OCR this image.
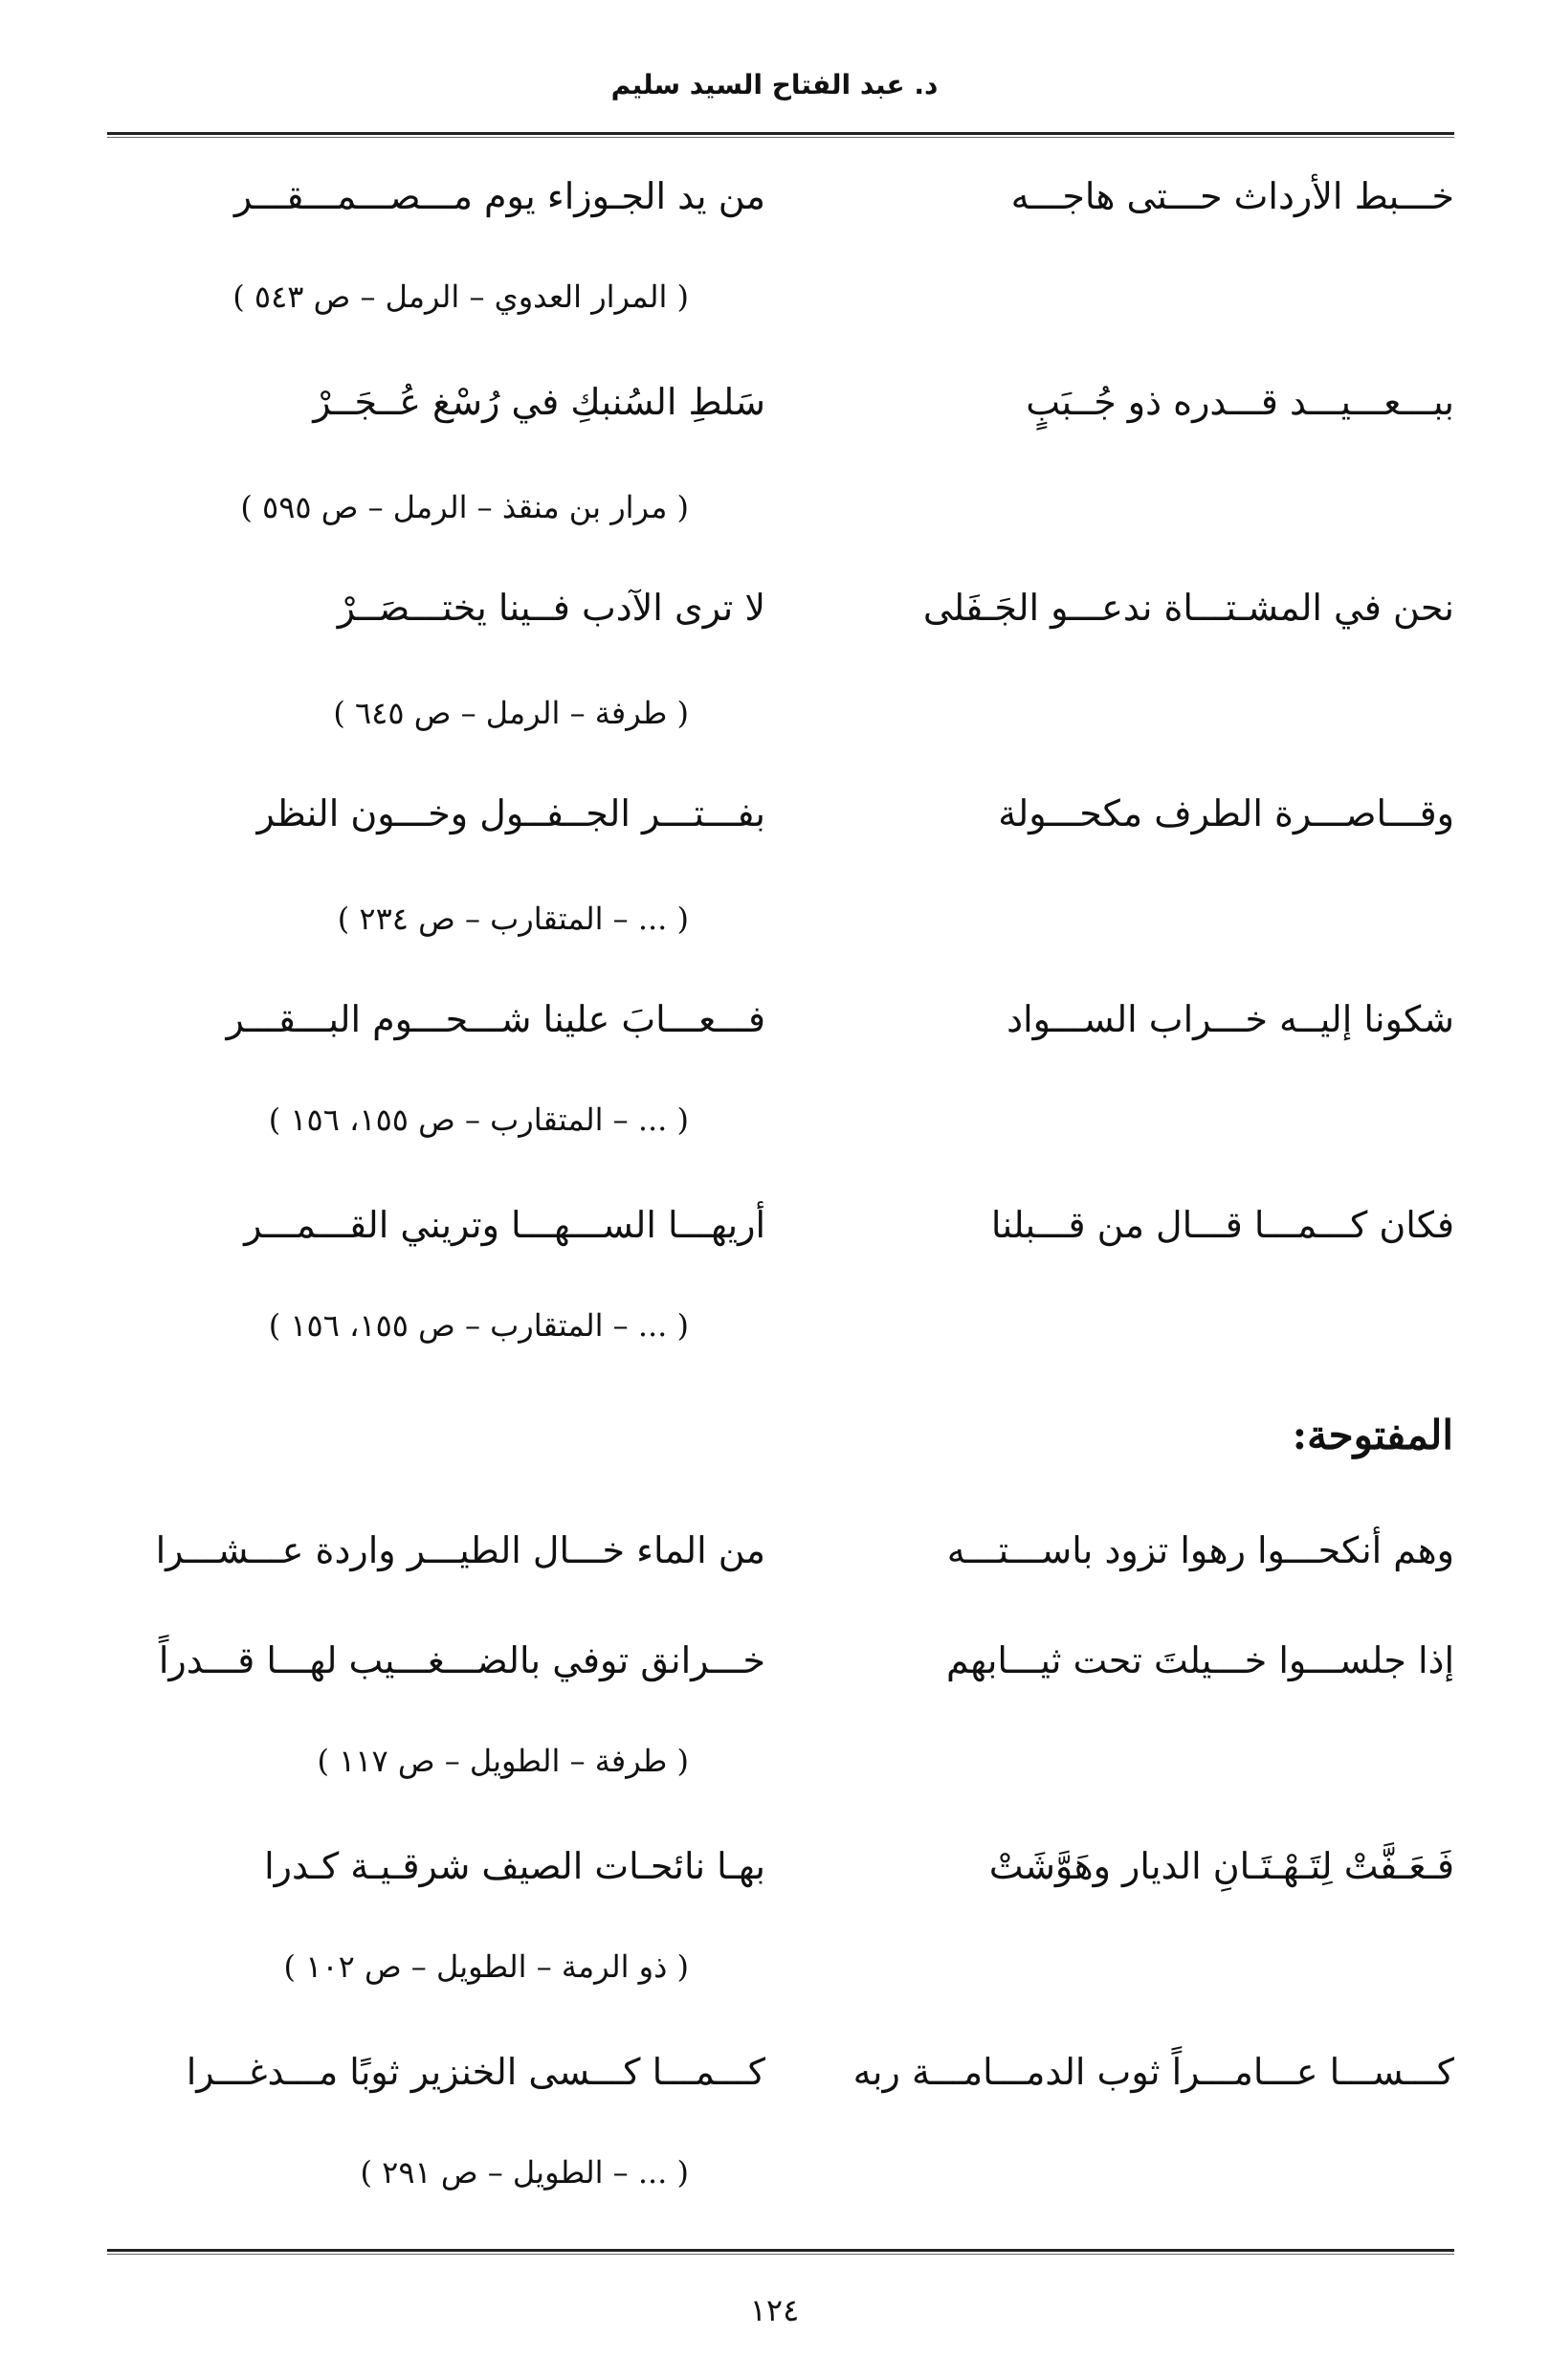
د. عبد الفتاح السيد سليم
خـــبط الأرداث حـــتى هاجـــه
من يد الجـوزاء يوم مـــصـــمـــقـــر
( المرار العدوي – الرمل – ص ٥٤٣ )
ببـــعـــيـــد قـــدره ذو جُــبَبٍ
سَلطِ السُنبكِ في رُسْغ عُــجَــرْ
( مرار بن منقذ – الرمل – ص ٥٩٥ )
نحن في المشـتـــاة ندعـــو الجَـفَلى
لا ترى الآدب فــينا يختـــصَــرْ
( طرفة – الرمل – ص ٦٤٥ )
وقـــاصـــرة الطرف مكحـــولة
بفـــتـــر الجــفــول وخـــون النظر
( ... – المتقارب – ص ٢٣٤ )
شكونا إليــه خـــراب الســـواد
فـــعـــابَ علينا شـــحـــوم البـــقـــر
( ... – المتقارب – ص ١٥٥، ١٥٦ )
فكان كـــمـــا قـــال من قـــبلنا
أريهـــا الســـهـــا وتريني القـــمـــر
( ... – المتقارب – ص ١٥٥، ١٥٦ )
المفتوحة:
وهم أنكحـــوا رهوا تزود باســـتـــه
من الماء خـــال الطيـــر واردة عـــشـــرا
إذا جلســـوا خـــيلتَ تحت ثيـــابهم
خـــرانق توفي بالضـــغـــيب لهـــا قـــدراً
( طرفة – الطويل – ص ١١٧ )
فَـعَـفَّتْ لِتَـهْـتَـانِ الديار وهَوَّشَتْ
بهـا نائحـات الصيف شرقـيـة كـدرا
( ذو الرمة – الطويل – ص ١٠٢ )
كـــســـا عـــامـــراً ثوب الدمـــامـــة ربه
كـــمـــا كـــسى الخنزير ثوبًا مـــدغـــرا
( ... – الطويل – ص ٢٩١ )
١٢٤
